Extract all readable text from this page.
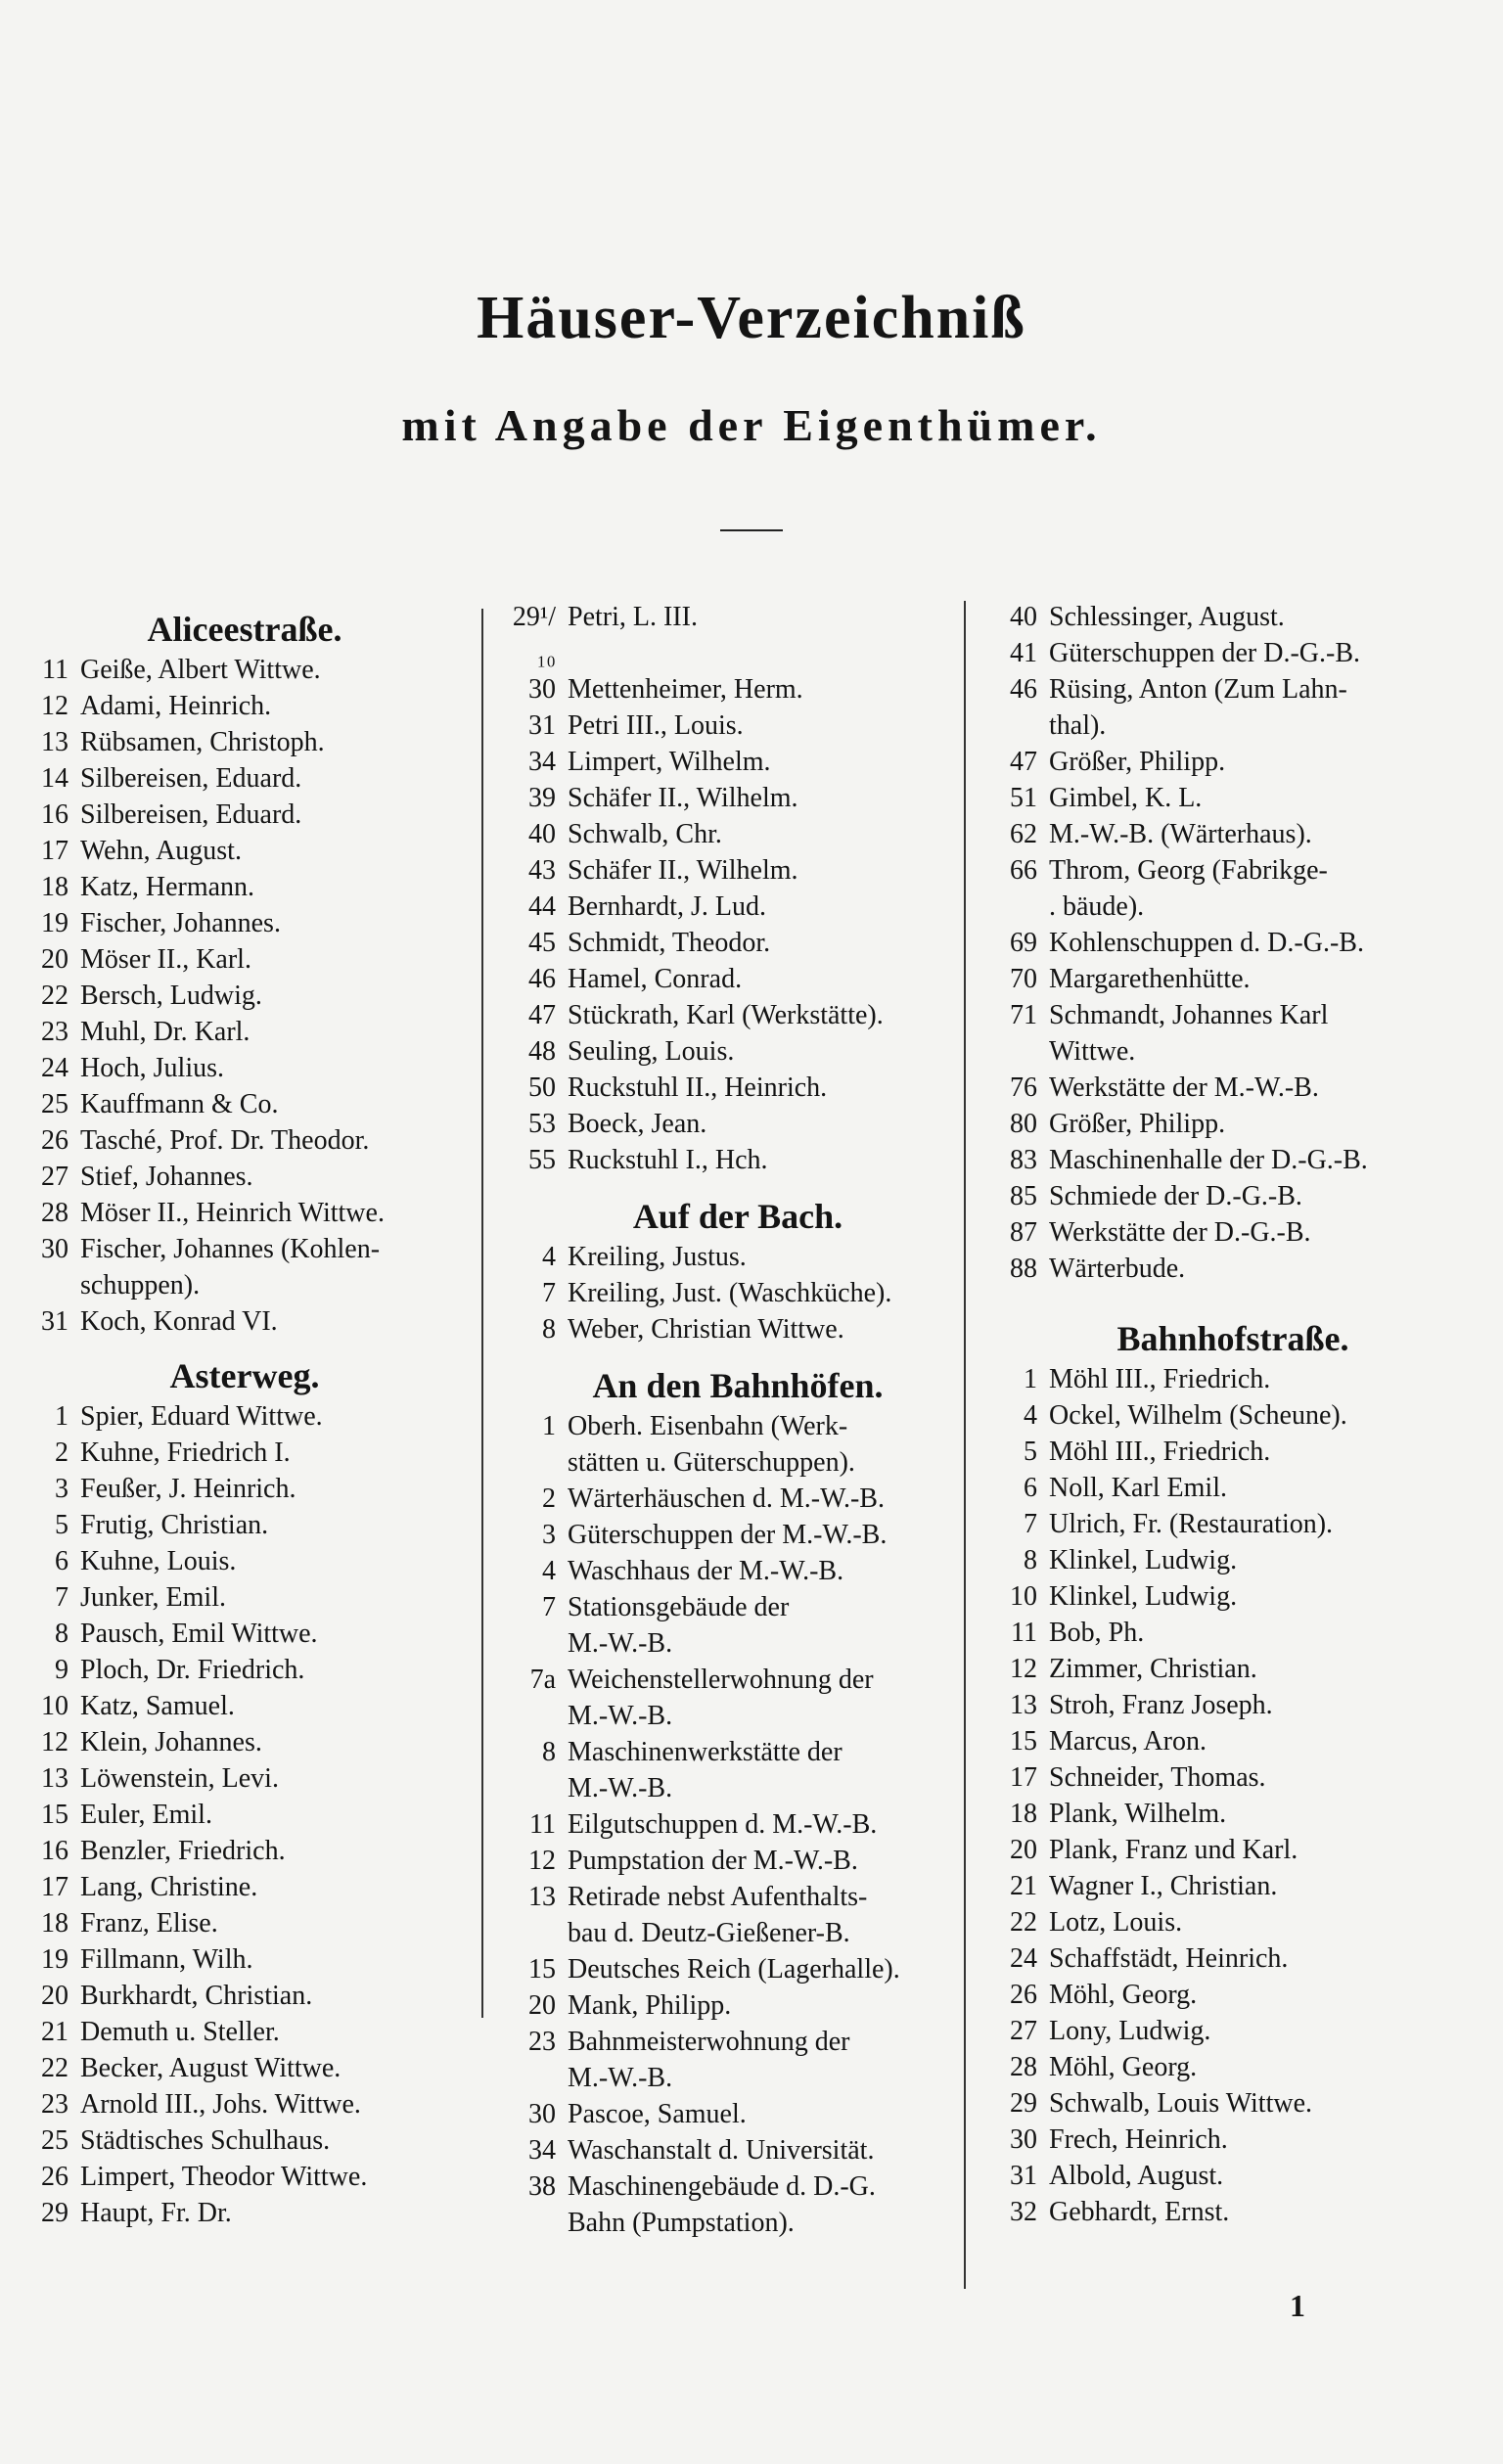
Häuser-Verzeichniß
mit Angabe der Eigenthümer.
Aliceestraße.
11 Geiße, Albert Wittwe.
12 Adami, Heinrich.
13 Rübsamen, Christoph.
14 Silbereisen, Eduard.
16 Silbereisen, Eduard.
17 Wehn, August.
18 Katz, Hermann.
19 Fischer, Johannes.
20 Möser II., Karl.
22 Bersch, Ludwig.
23 Muhl, Dr. Karl.
24 Hoch, Julius.
25 Kauffmann & Co.
26 Tasché, Prof. Dr. Theodor.
27 Stief, Johannes.
28 Möser II., Heinrich Wittwe.
30 Fischer, Johannes (Kohlen-
schuppen).
31 Koch, Konrad VI.
Asterweg.
1 Spier, Eduard Wittwe.
2 Kuhne, Friedrich I.
3 Feußer, J. Heinrich.
5 Frutig, Christian.
6 Kuhne, Louis.
7 Junker, Emil.
8 Pausch, Emil Wittwe.
9 Ploch, Dr. Friedrich.
10 Katz, Samuel.
12 Klein, Johannes.
13 Löwenstein, Levi.
15 Euler, Emil.
16 Benzler, Friedrich.
17 Lang, Christine.
18 Franz, Elise.
19 Fillmann, Wilh.
20 Burkhardt, Christian.
21 Demuth u. Steller.
22 Becker, August Wittwe.
23 Arnold III., Johs. Wittwe.
25 Städtisches Schulhaus.
26 Limpert, Theodor Wittwe.
29 Haupt, Fr. Dr.
29¹/₁₀
Petri, L. III.
30 Mettenheimer, Herm.
31 Petri III., Louis.
34 Limpert, Wilhelm.
39 Schäfer II., Wilhelm.
40 Schwalb, Chr.
43 Schäfer II., Wilhelm.
44 Bernhardt, J. Lud.
45 Schmidt, Theodor.
46 Hamel, Conrad.
47 Stückrath, Karl (Werkstätte).
48 Seuling, Louis.
50 Ruckstuhl II., Heinrich.
53 Boeck, Jean.
55 Ruckstuhl I., Hch.
Auf der Bach.
4 Kreiling, Justus.
7 Kreiling, Just. (Waschküche).
8 Weber, Christian Wittwe.
An den Bahnhöfen.
1 Oberh. Eisenbahn (Werk-
stätten u. Güterschuppen).
2 Wärterhäuschen d. M.-W.-B.
3 Güterschuppen der M.-W.-B.
4 Waschhaus der M.-W.-B.
7 Stationsgebäude der
M.-W.-B.
7a Weichenstellerwohnung der
M.-W.-B.
8 Maschinenwerkstätte der
M.-W.-B.
11 Eilgutschuppen d. M.-W.-B.
12 Pumpstation der M.-W.-B.
13 Retirade nebst Aufenthalts-
bau d. Deutz-Gießener-B.
15 Deutsches Reich (Lagerhalle).
20 Mank, Philipp.
23 Bahnmeisterwohnung der
M.-W.-B.
30 Pascoe, Samuel.
34 Waschanstalt d. Universität.
38 Maschinengebäude d. D.-G.
Bahn (Pumpstation).
40 Schlessinger, August.
41 Güterschuppen der D.-G.-B.
46 Rüsing, Anton (Zum Lahn-
thal).
47 Größer, Philipp.
51 Gimbel, K. L.
62 M.-W.-B. (Wärterhaus).
66 Throm, Georg (Fabrikge-
. bäude).
69 Kohlenschuppen d. D.-G.-B.
70 Margarethenhütte.
71 Schmandt, Johannes Karl
Wittwe.
76 Werkstätte der M.-W.-B.
80 Größer, Philipp.
83 Maschinenhalle der D.-G.-B.
85 Schmiede der D.-G.-B.
87 Werkstätte der D.-G.-B.
88 Wärterbude.
Bahnhofstraße.
1 Möhl III., Friedrich.
4 Ockel, Wilhelm (Scheune).
5 Möhl III., Friedrich.
6 Noll, Karl Emil.
7 Ulrich, Fr. (Restauration).
8 Klinkel, Ludwig.
10 Klinkel, Ludwig.
11 Bob, Ph.
12 Zimmer, Christian.
13 Stroh, Franz Joseph.
15 Marcus, Aron.
17 Schneider, Thomas.
18 Plank, Wilhelm.
20 Plank, Franz und Karl.
21 Wagner I., Christian.
22 Lotz, Louis.
24 Schaffstädt, Heinrich.
26 Möhl, Georg.
27 Lony, Ludwig.
28 Möhl, Georg.
29 Schwalb, Louis Wittwe.
30 Frech, Heinrich.
31 Albold, August.
32 Gebhardt, Ernst.
1
